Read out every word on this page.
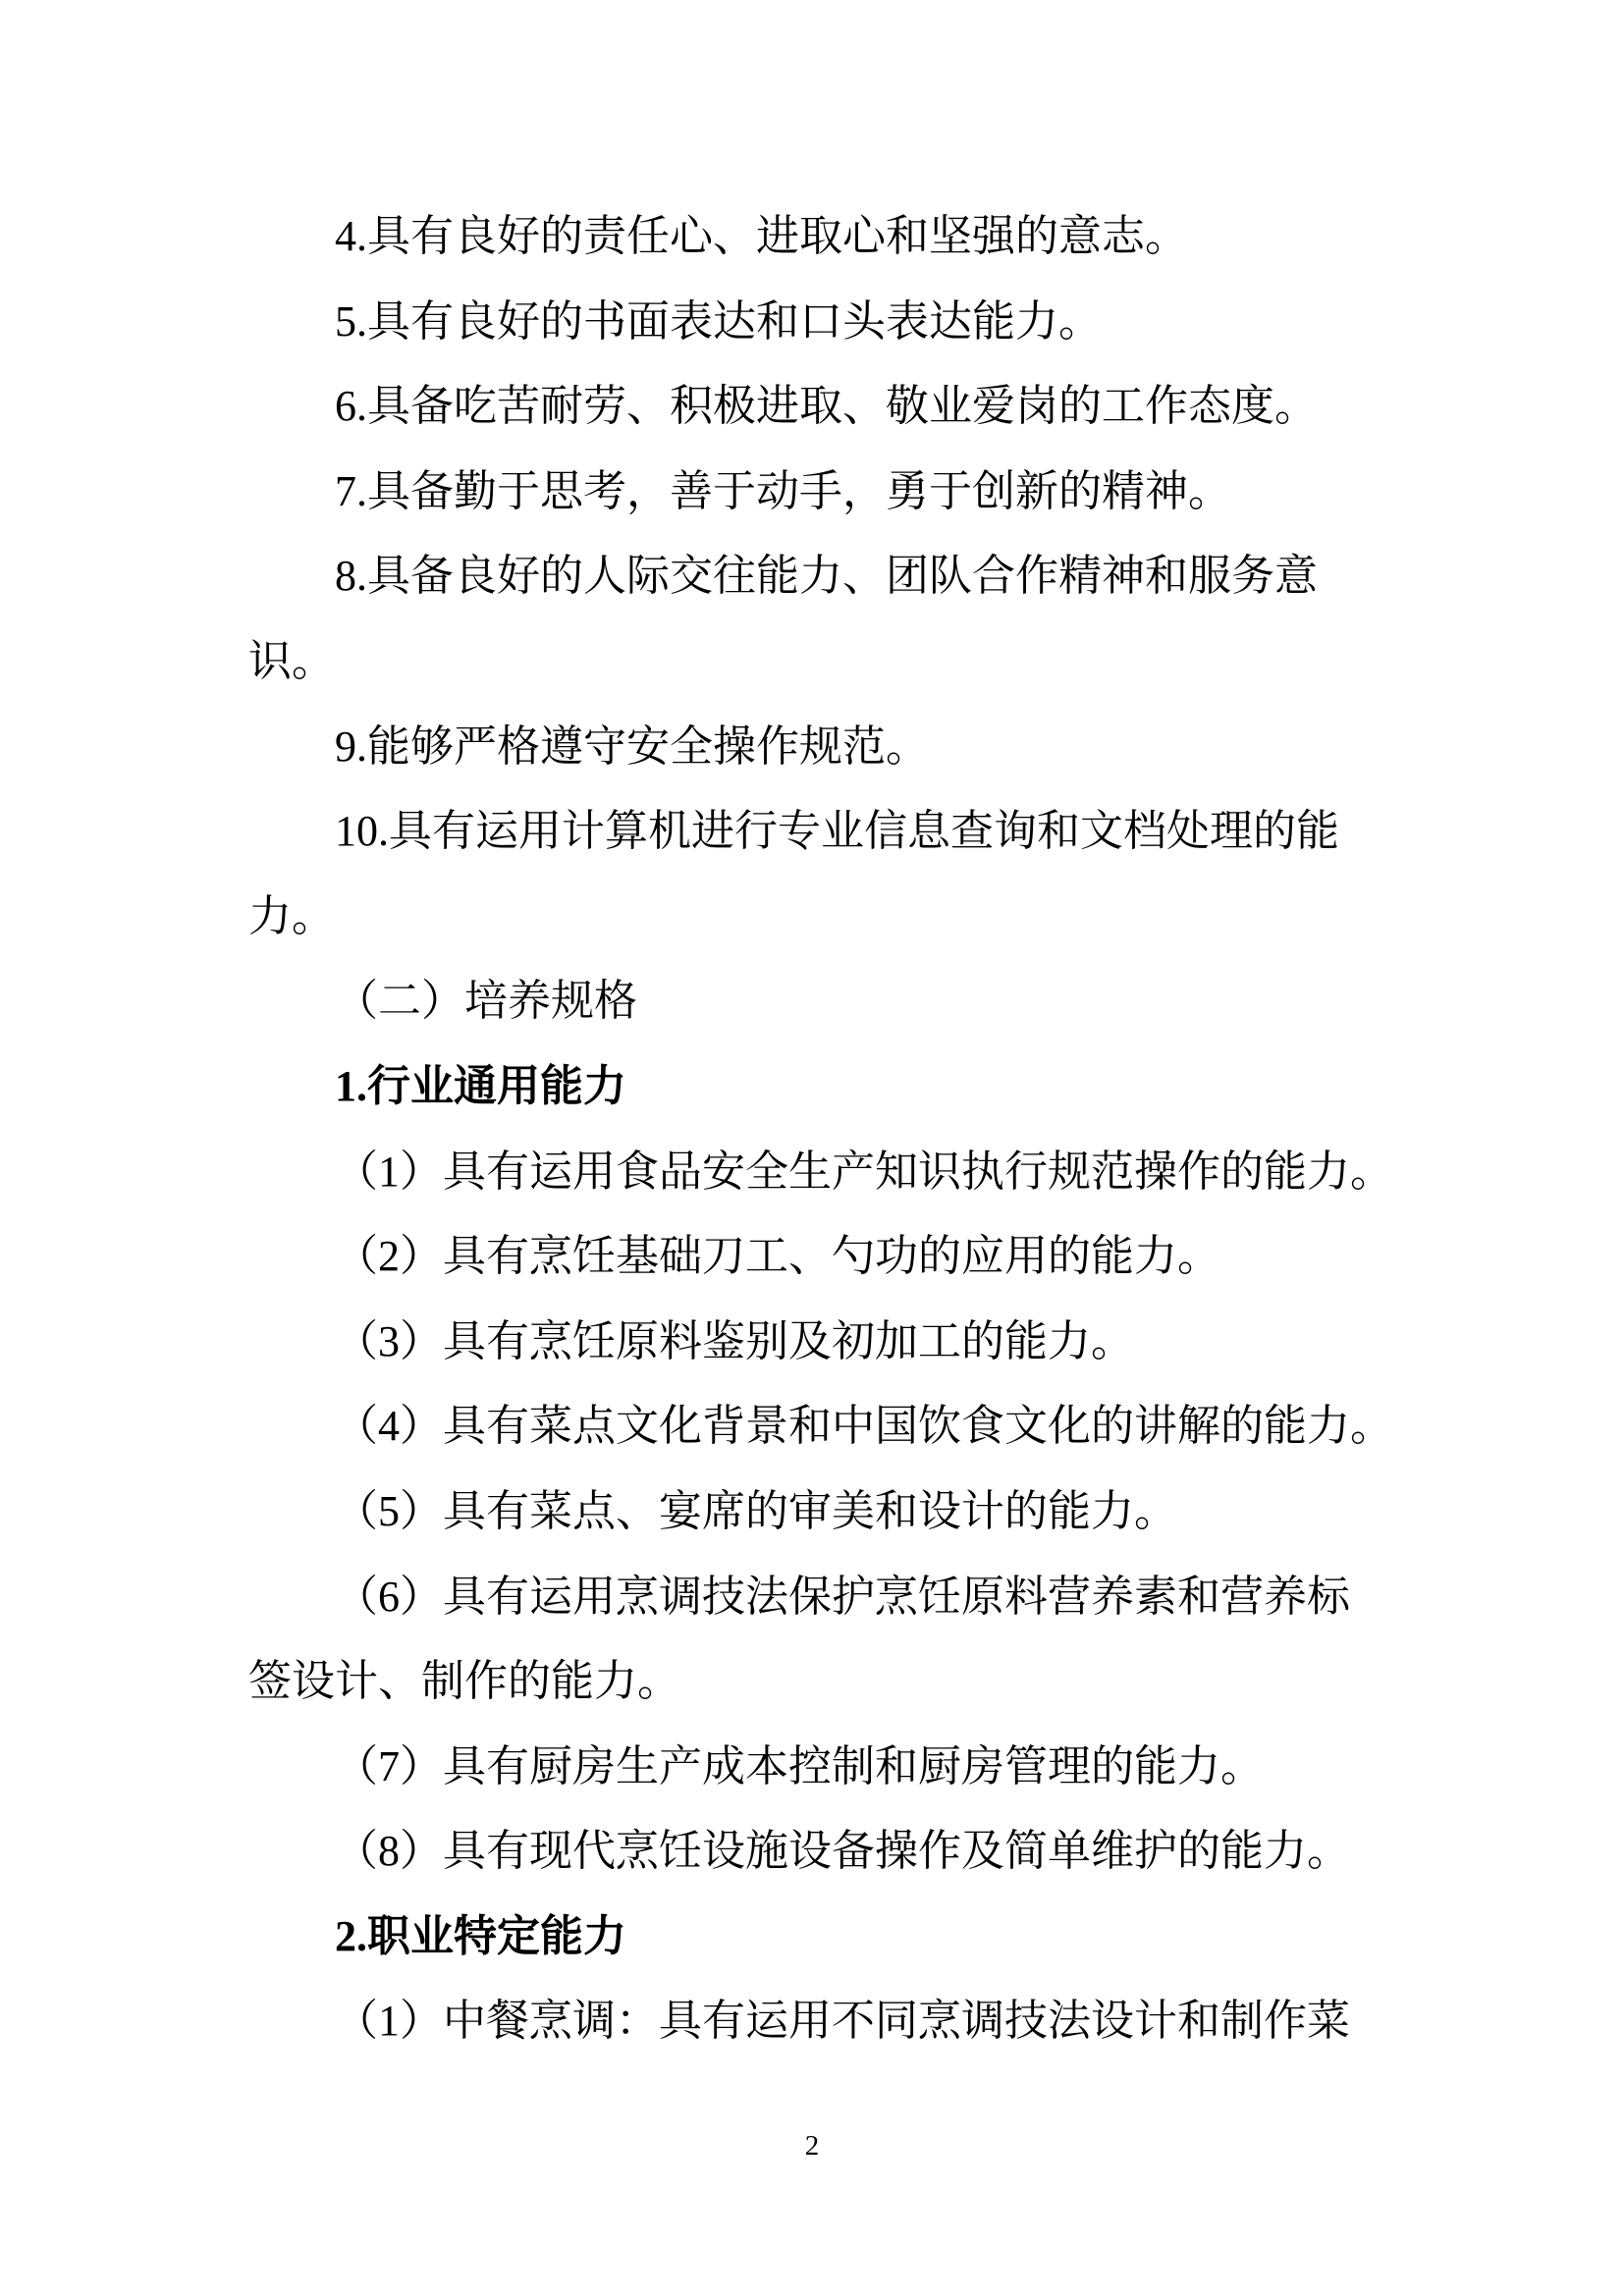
4.具有良好的责任心、进取心和坚强的意志。
5.具有良好的书面表达和口头表达能力。
6.具备吃苦耐劳、积极进取、敬业爱岗的工作态度。
7.具备勤于思考，善于动手，勇于创新的精神。
8.具备良好的人际交往能力、团队合作精神和服务意
识。
9.能够严格遵守安全操作规范。
10.具有运用计算机进行专业信息查询和文档处理的能
力。
（二）培养规格
1.行业通用能力
（1）具有运用食品安全生产知识执行规范操作的能力。
（2）具有烹饪基础刀工、勺功的应用的能力。
（3）具有烹饪原料鉴别及初加工的能力。
（4）具有菜点文化背景和中国饮食文化的讲解的能力。
（5）具有菜点、宴席的审美和设计的能力。
（6）具有运用烹调技法保护烹饪原料营养素和营养标
签设计、制作的能力。
（7）具有厨房生产成本控制和厨房管理的能力。
（8）具有现代烹饪设施设备操作及简单维护的能力。
2.职业特定能力
（1）中餐烹调：具有运用不同烹调技法设计和制作菜
2
